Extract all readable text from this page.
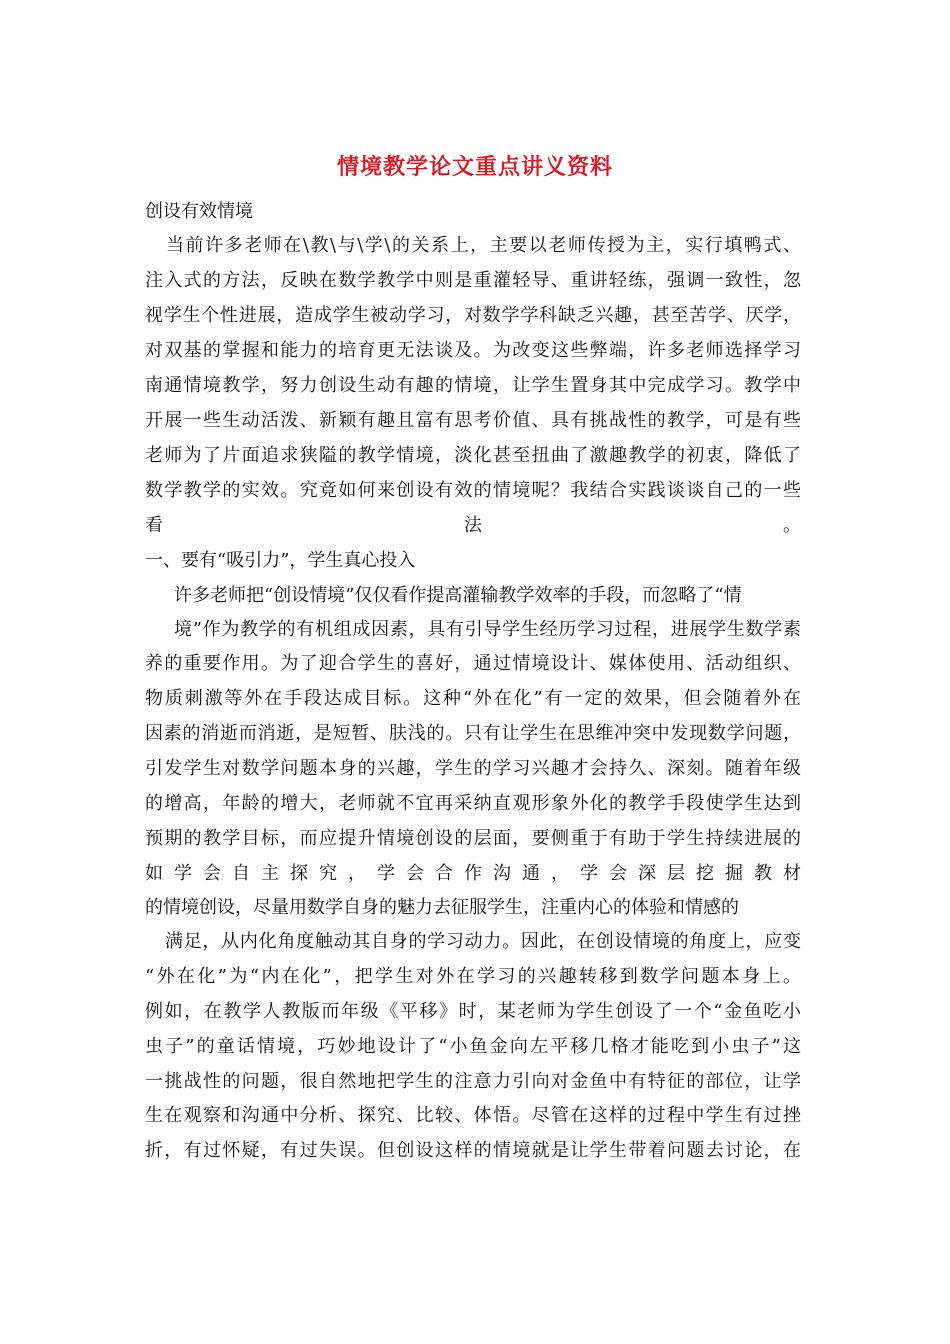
情境教学论文重点讲义资料

创设有效情境

当前许多老师在\教\与\学\的关系上，主要以老师传授为主，实行填鸭式、

注入式的方法，反映在数学教学中则是重灌轻导、重讲轻练，强调一致性，忽

视学生个性进展，造成学生被动学习，对数学学科缺乏兴趣，甚至苦学、厌学，

对双基的掌握和能力的培育更无法谈及。为改变这些弊端，许多老师选择学习

南通情境教学，努力创设生动有趣的情境，让学生置身其中完成学习。教学中

开展一些生动活泼、新颖有趣且富有思考价值、具有挑战性的教学，可是有些

老师为了片面追求狭隘的教学情境，淡化甚至扭曲了激趣教学的初衷，降低了

数学教学的实效。究竟如何来创设有效的情境呢？我结合实践谈谈自己的一些

看法。

一、要有“吸引力”，学生真心投入

许多老师把“创设情境”仅仅看作提高灌输教学效率的手段，而忽略了“情

境”作为教学的有机组成因素，具有引导学生经历学习过程，进展学生数学素

养的重要作用。为了迎合学生的喜好，通过情境设计、媒体使用、活动组织、

物质刺激等外在手段达成目标。这种“外在化”有一定的效果，但会随着外在

因素的消逝而消逝，是短暂、肤浅的。只有让学生在思维冲突中发现数学问题，

引发学生对数学问题本身的兴趣，学生的学习兴趣才会持久、深刻。随着年级

的增高，年龄的增大，老师就不宜再采纳直观形象外化的教学手段使学生达到

预期的教学目标，而应提升情境创设的层面，要侧重于有助于学生持续进展的

如学会自主探究，学会合作沟通，学会深层挖掘教材

的情境创设，尽量用数学自身的魅力去征服学生，注重内心的体验和情感的

满足，从内化角度触动其自身的学习动力。因此，在创设情境的角度上，应变

“外在化”为“内在化”，把学生对外在学习的兴趣转移到数学问题本身上。

例如，在教学人教版而年级《平移》时，某老师为学生创设了一个“金鱼吃小

虫子”的童话情境，巧妙地设计了“小鱼金向左平移几格才能吃到小虫子”这

一挑战性的问题，很自然地把学生的注意力引向对金鱼中有特征的部位，让学

生在观察和沟通中分析、探究、比较、体悟。尽管在这样的过程中学生有过挫

折，有过怀疑，有过失误。但创设这样的情境就是让学生带着问题去讨论，在
